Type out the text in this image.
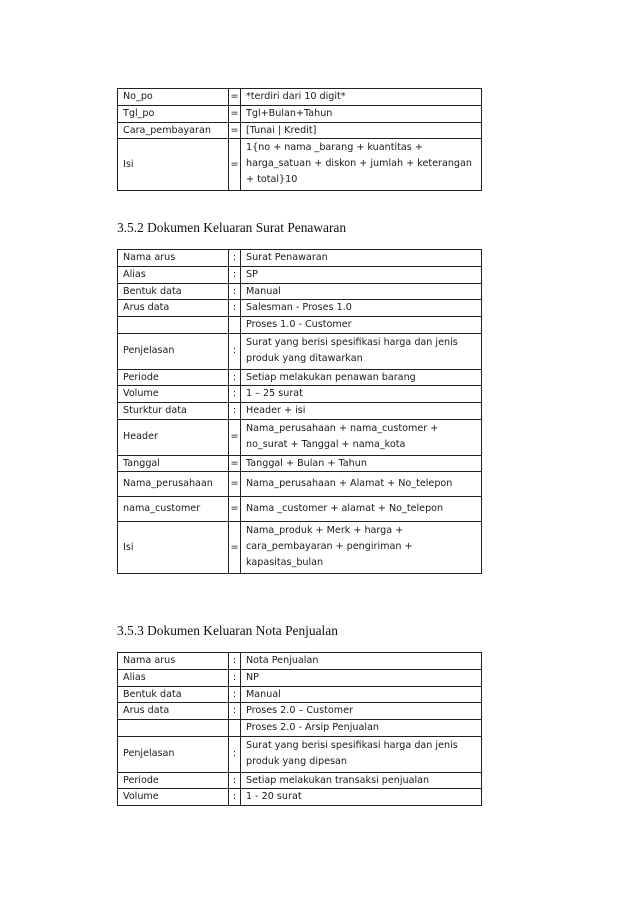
No_po	=	*terdiri dari 10 digit*
Tgl_po	=	Tgl+Bulan+Tahun
Cara_pembayaran	=	[Tunai | Kredit]
Isi	=	1{no + nama _barang + kuantitas + harga_satuan + diskon + jumlah + keterangan + total}10
3.5.2 Dokumen Keluaran Surat Penawaran
Nama arus	:	Surat Penawaran
Alias	:	SP
Bentuk data	:	Manual
Arus data	:	Salesman - Proses 1.0
		Proses 1.0 - Customer
Penjelasan	:	Surat yang berisi spesifikasi harga dan jenis produk yang ditawarkan
Periode	:	Setiap melakukan penawan barang
Volume	:	1 – 25 surat
Sturktur data	:	Header + isi
Header	=	Nama_perusahaan + nama_customer + no_surat + Tanggal + nama_kota
Tanggal	=	Tanggal + Bulan + Tahun
Nama_perusahaan	=	Nama_perusahaan + Alamat + No_telepon
nama_customer	=	Nama _customer + alamat + No_telepon
Isi	=	Nama_produk + Merk + harga + cara_pembayaran + pengiriman + kapasitas_bulan
3.5.3 Dokumen Keluaran Nota Penjualan
Nama arus	:	Nota Penjualan
Alias	:	NP
Bentuk data	:	Manual
Arus data	:	Proses 2.0 – Customer
		Proses 2.0 - Arsip Penjualan
Penjelasan	:	Surat yang berisi spesifikasi harga dan jenis produk yang dipesan
Periode	:	Setiap melakukan transaksi penjualan
Volume	:	1 - 20 surat
